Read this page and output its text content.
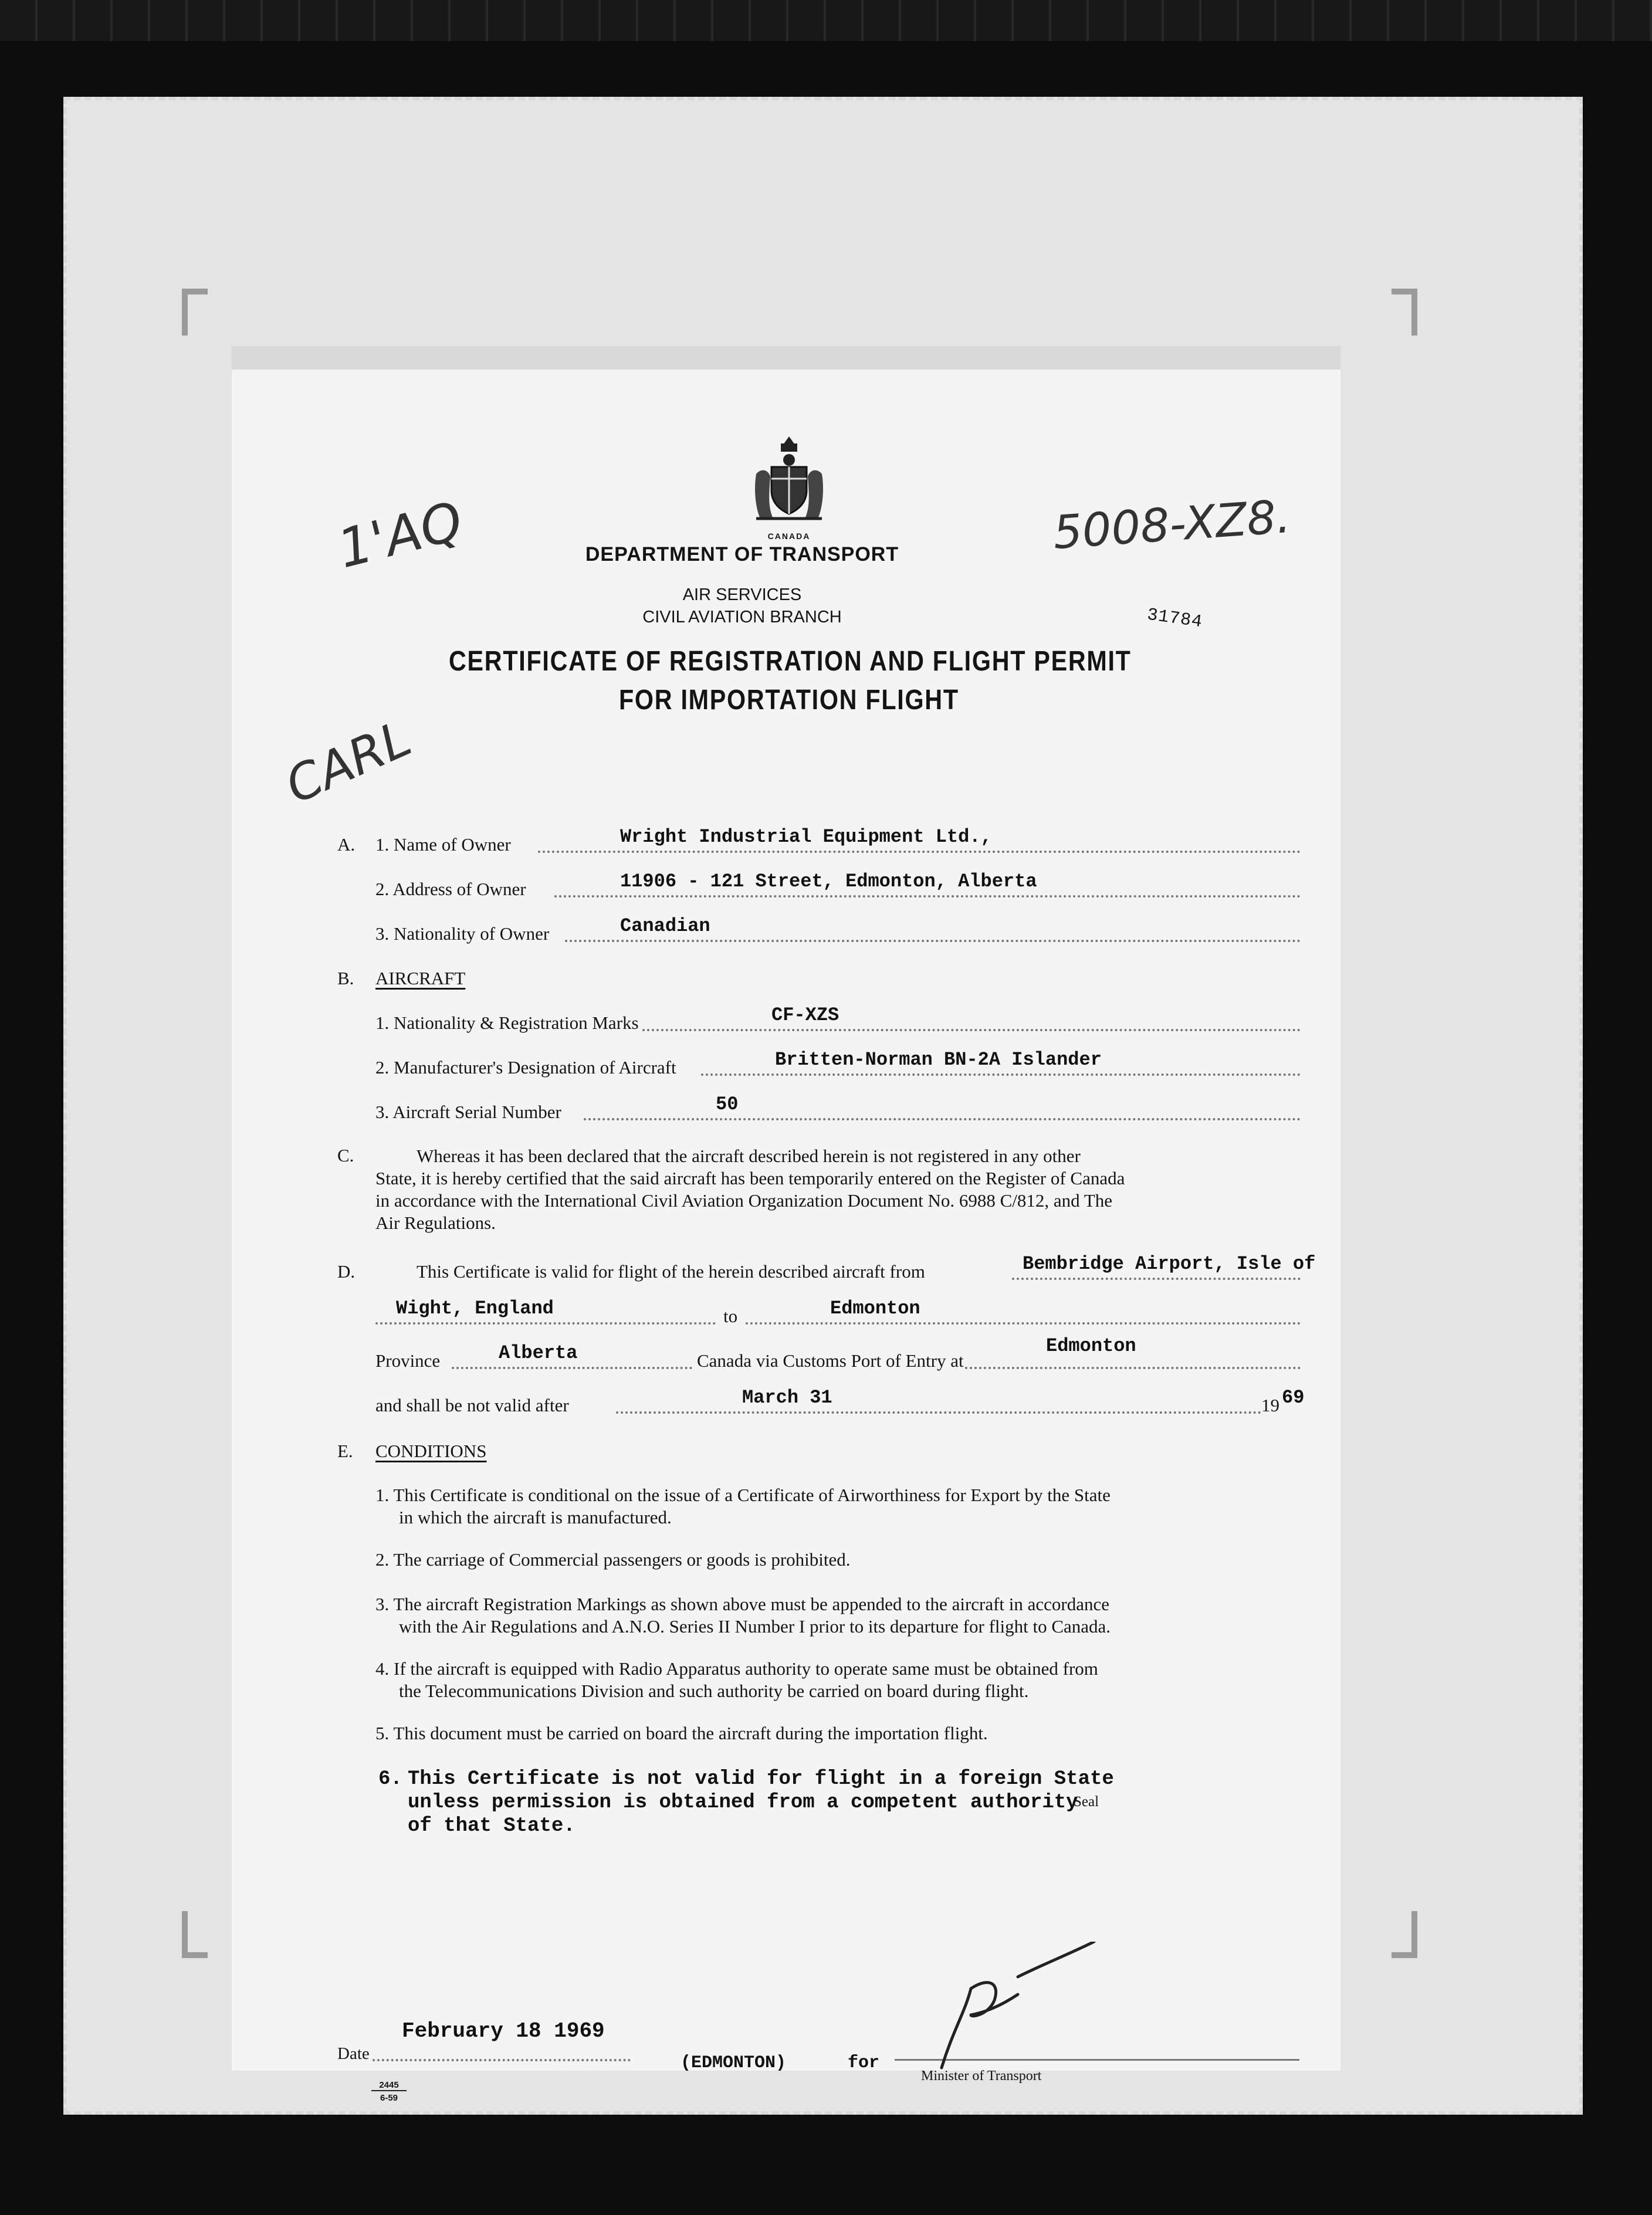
1'AQ
CARL
5008-XZ8.
31784
CANADA
DEPARTMENT OF TRANSPORT
AIR SERVICES
CIVIL AVIATION BRANCH
CERTIFICATE OF REGISTRATION AND FLIGHT PERMIT
FOR IMPORTATION FLIGHT
A. 1. Name of Owner	Wright Industrial Equipment Ltd.,
2. Address of Owner	11906 - 121 Street, Edmonton, Alberta
3. Nationality of Owner	Canadian
B. AIRCRAFT
1. Nationality & Registration Marks	CF-XZS
2. Manufacturer's Designation of Aircraft	Britten-Norman BN-2A Islander
3. Aircraft Serial Number	50
C.	Whereas it has been declared that the aircraft described herein is not registered in any other
State, it is hereby certified that the said aircraft has been temporarily entered on the Register of Canada
in accordance with the International Civil Aviation Organization Document No. 6988 C/812, and The
Air Regulations.
D.	This Certificate is valid for flight of the herein described aircraft from	Bembridge Airport, Isle of
Wight, England	to	Edmonton
Province	Alberta	Canada via Customs Port of Entry at
Edmonton
and shall be not valid after	March 31	19 69
E. CONDITIONS
1. This Certificate is conditional on the issue of a Certificate of Airworthiness for Export by the State
in which the aircraft is manufactured.
2. The carriage of Commercial passengers or goods is prohibited.
3. The aircraft Registration Markings as shown above must be appended to the aircraft in accordance
with the Air Regulations and A.N.O. Series II Number I prior to its departure for flight to Canada.
4. If the aircraft is equipped with Radio Apparatus authority to operate same must be obtained from
the Telecommunications Division and such authority be carried on board during flight.
5. This document must be carried on board the aircraft during the importation flight.
6. This Certificate is not valid for flight in a foreign State
unless permission is obtained from a competent authority
Seal
of that State.
Date
February 18 1969
(EDMONTON)	for
Minister of Transport
2445
6-59
